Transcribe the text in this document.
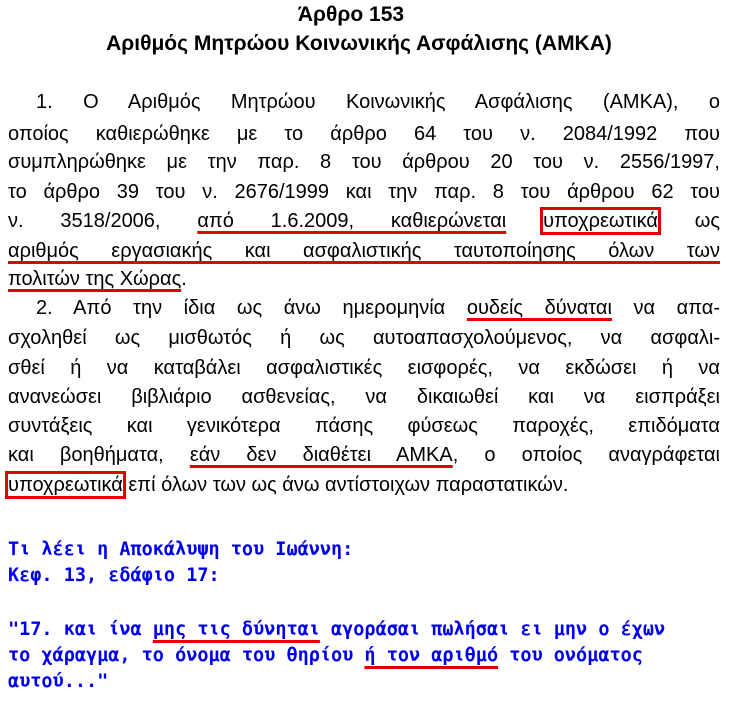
Άρθρο 153
Αριθμός Μητρώου Κοινωνικής Ασφάλισης (ΑΜΚΑ)
1. Ο Αριθμός Μητρώου Κοινωνικής Ασφάλισης (ΑΜΚΑ), ο
οποίος καθιερώθηκε με το άρθρο 64 του ν. 2084/1992 που
συμπληρώθηκε με την παρ. 8 του άρθρου 20 του ν. 2556/1997,
το άρθρο 39 του ν. 2676/1999 και την παρ. 8 του άρθρου 62 του
ν. 3518/2006, από 1.6.2009, καθιερώνεται υποχρεωτικά ως
αριθμός εργασιακής και ασφαλιστικής ταυτοποίησης όλων των
πολιτών της Χώρας.
2. Από την ίδια ως άνω ημερομηνία ουδείς δύναται να απα-
σχοληθεί ως μισθωτός ή ως αυτοαπασχολούμενος, να ασφαλι-
σθεί ή να καταβάλει ασφαλιστικές εισφορές, να εκδώσει ή να
ανανεώσει βιβλιάριο ασθενείας, να δικαιωθεί και να εισπράξει
συντάξεις και γενικότερα πάσης φύσεως παροχές, επιδόματα
και βοηθήματα, εάν δεν διαθέτει ΑΜΚΑ, ο οποίος αναγράφεται
υποχρεωτικά επί όλων των ως άνω αντίστοιχων παραστατικών.
Τι λέει η Αποκάλυψη του Ιωάννη:
Κεφ. 13, εδάφιο 17:
"17. και ίνα μης τις δύνηται αγοράσαι πωλήσαι ει μην ο έχων
το χάραγμα, το όνομα του θηρίου ή τον αριθμό του ονόματος
αυτού..."
